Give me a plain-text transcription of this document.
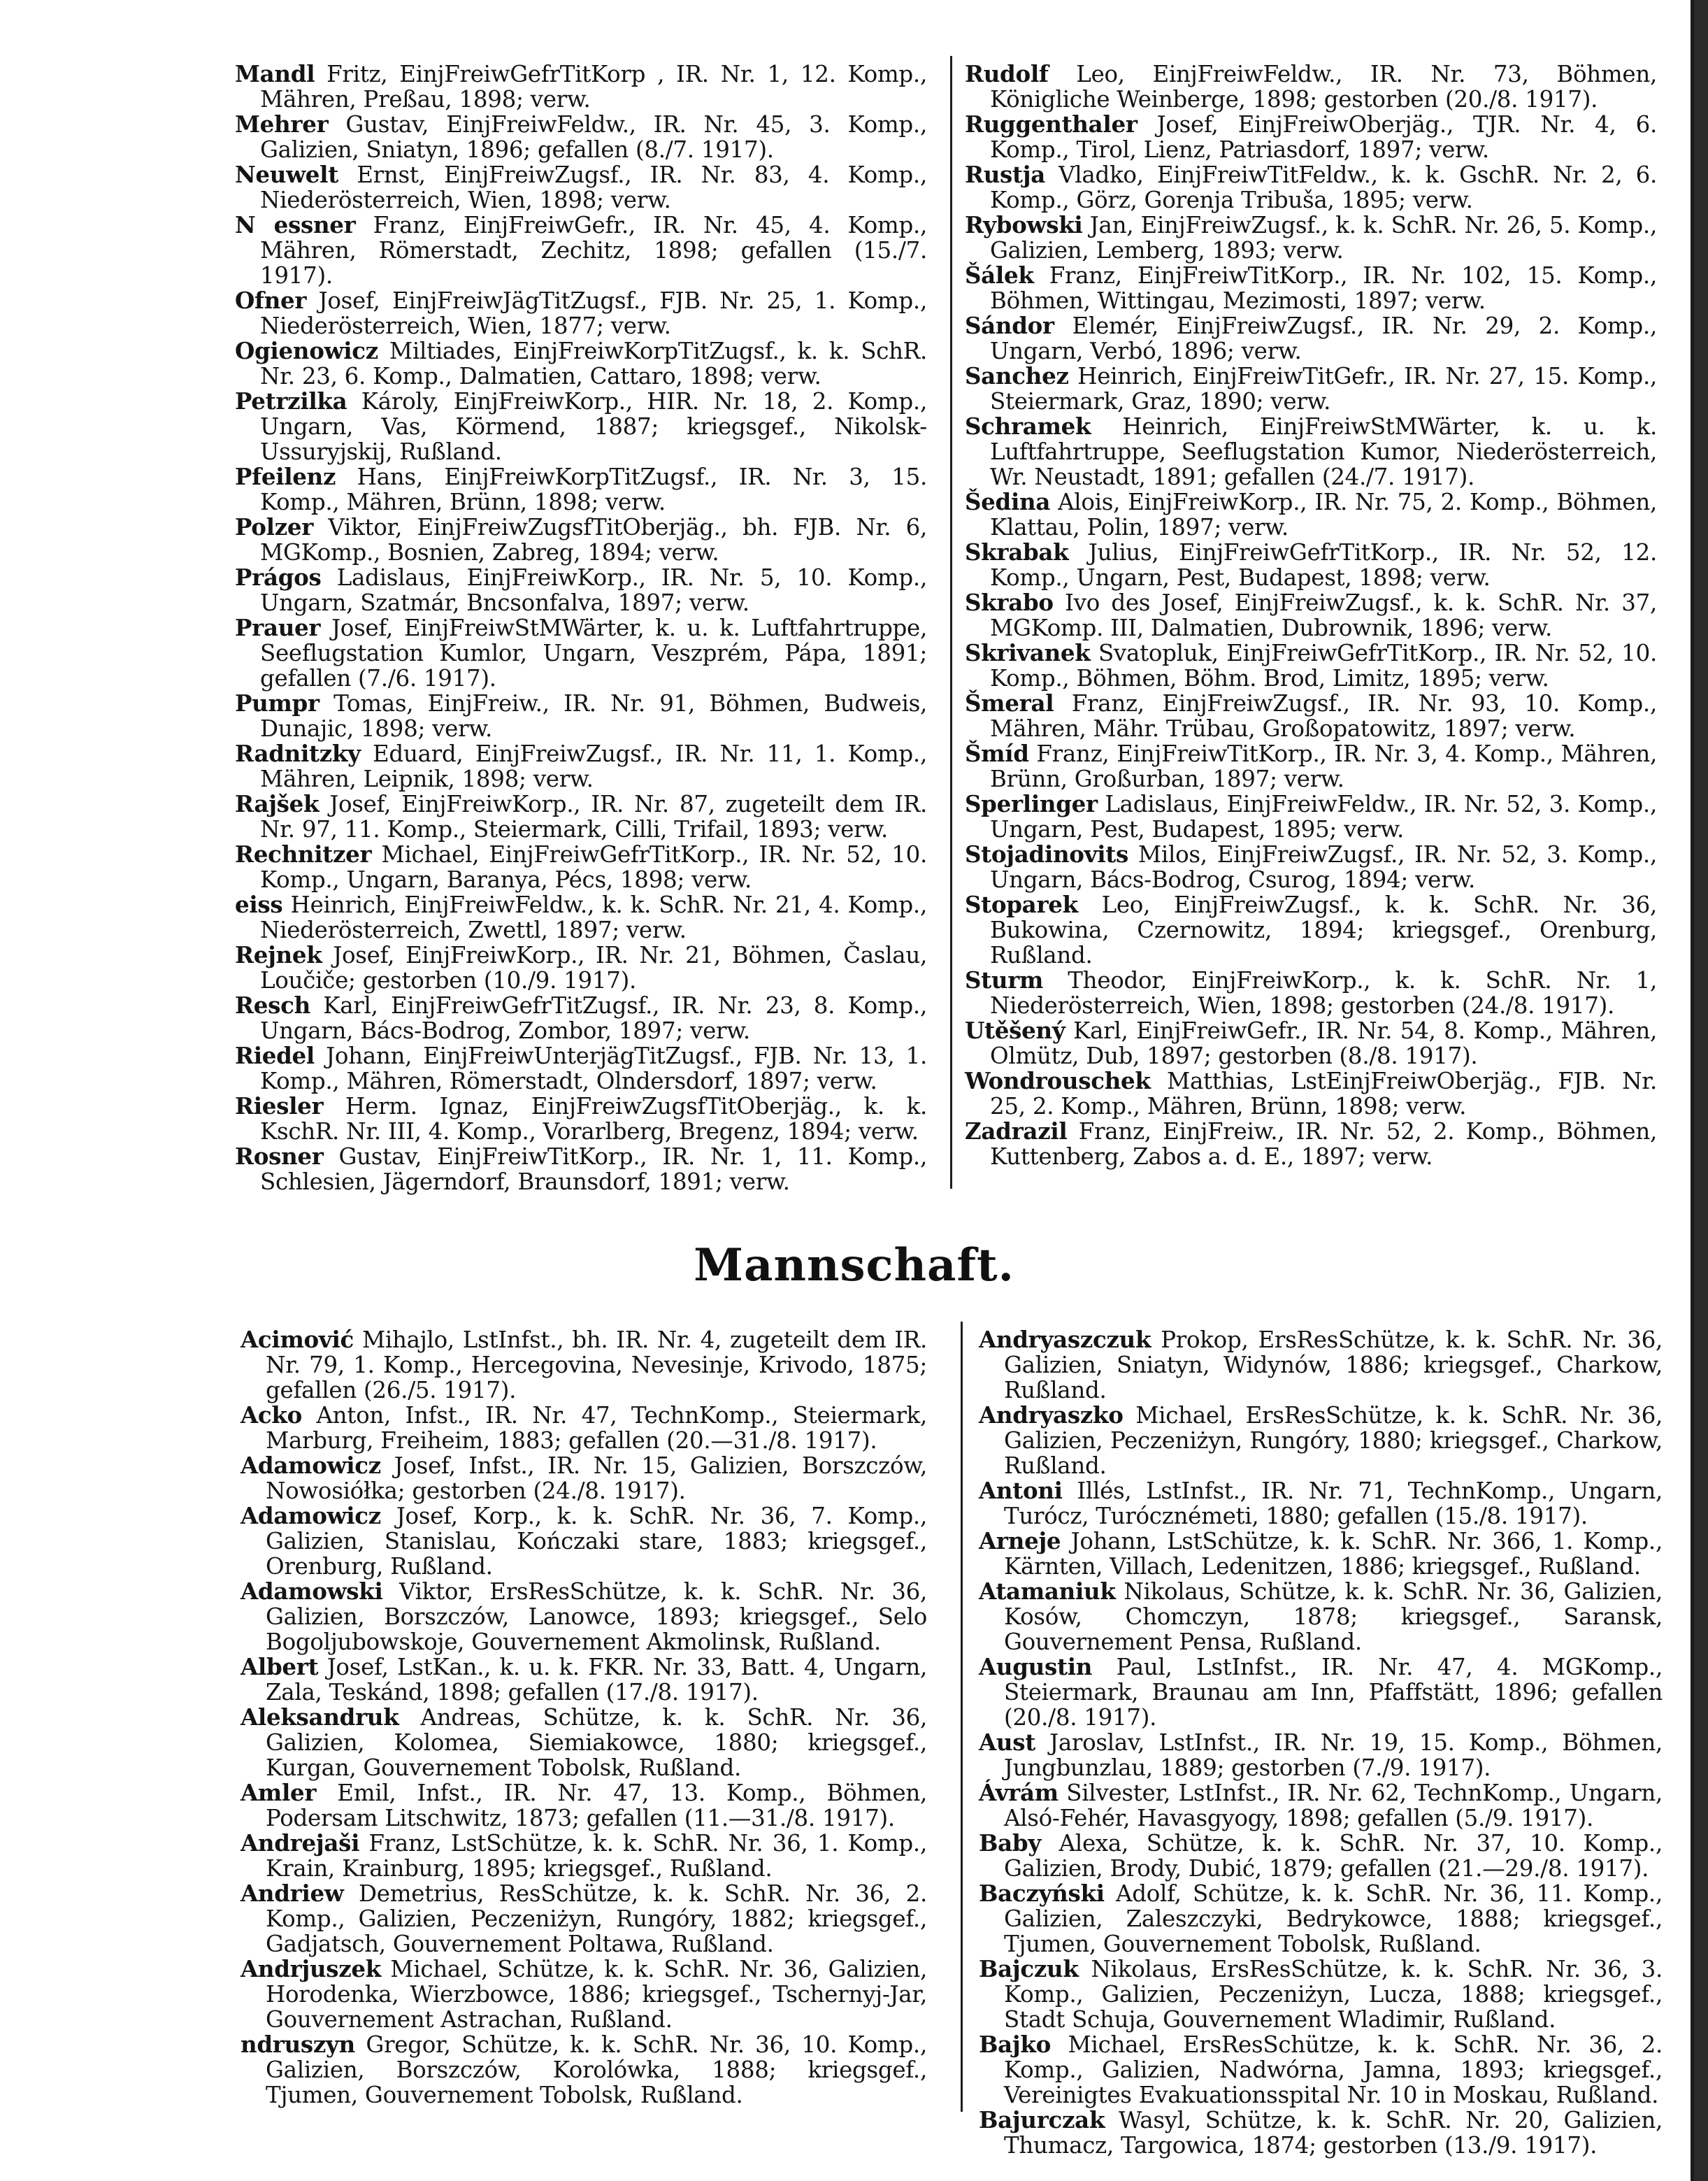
Mandl Fritz, EinjFreiwGefrTitKorp , IR. Nr. 1, 12. Komp., Mähren, Preßau, 1898; verw.

Mehrer Gustav, EinjFreiwFeldw., IR. Nr. 45, 3. Komp., Galizien, Sniatyn, 1896; gefallen (8./7. 1917).

Neuwelt Ernst, EinjFreiwZugsf., IR. Nr. 83, 4. Komp., Niederösterreich, Wien, 1898; verw.

N essner Franz, EinjFreiwGefr., IR. Nr. 45, 4. Komp., Mähren, Römerstadt, Zechitz, 1898; gefallen (15./7. 1917).

Ofner Josef, EinjFreiwJägTitZugsf., FJB. Nr. 25, 1. Komp., Niederösterreich, Wien, 1877; verw.

Ogienowicz Miltiades, EinjFreiwKorpTitZugsf., k. k. SchR. Nr. 23, 6. Komp., Dalmatien, Cattaro, 1898; verw.

Petrzilka Károly, EinjFreiwKorp., HIR. Nr. 18, 2. Komp., Ungarn, Vas, Körmend, 1887; kriegsgef., Nikolsk-Ussuryjskij, Rußland.

Pfeilenz Hans, EinjFreiwKorpTitZugsf., IR. Nr. 3, 15. Komp., Mähren, Brünn, 1898; verw.

Polzer Viktor, EinjFreiwZugsfTitOberjäg., bh. FJB. Nr. 6, MGKomp., Bosnien, Zabreg, 1894; verw.

Prágos Ladislaus, EinjFreiwKorp., IR. Nr. 5, 10. Komp., Ungarn, Szatmár, Bncsonfalva, 1897; verw.

Prauer Josef, EinjFreiwStMWärter, k. u. k. Luftfahrtruppe, Seeflugstation Kumlor, Ungarn, Veszprém, Pápa, 1891; gefallen (7./6. 1917).

Pumpr Tomas, EinjFreiw., IR. Nr. 91, Böhmen, Budweis, Dunajic, 1898; verw.

Radnitzky Eduard, EinjFreiwZugsf., IR. Nr. 11, 1. Komp., Mähren, Leipnik, 1898; verw.

Rajšek Josef, EinjFreiwKorp., IR. Nr. 87, zugeteilt dem IR. Nr. 97, 11. Komp., Steiermark, Cilli, Trifail, 1893; verw.

Rechnitzer Michael, EinjFreiwGefrTitKorp., IR. Nr. 52, 10. Komp., Ungarn, Baranya, Pécs, 1898; verw.

eiss Heinrich, EinjFreiwFeldw., k. k. SchR. Nr. 21, 4. Komp., Niederösterreich, Zwettl, 1897; verw.

Rejnek Josef, EinjFreiwKorp., IR. Nr. 21, Böhmen, Časlau, Loučiče; gestorben (10./9. 1917).

Resch Karl, EinjFreiwGefrTitZugsf., IR. Nr. 23, 8. Komp., Ungarn, Bács-Bodrog, Zombor, 1897; verw.

Riedel Johann, EinjFreiwUnterjägTitZugsf., FJB. Nr. 13, 1. Komp., Mähren, Römerstadt, Olndersdorf, 1897; verw.

Riesler Herm. Ignaz, EinjFreiwZugsfTitOberjäg., k. k. KschR. Nr. III, 4. Komp., Vorarlberg, Bregenz, 1894; verw.

Rosner Gustav, EinjFreiwTitKorp., IR. Nr. 1, 11. Komp., Schlesien, Jägerndorf, Braunsdorf, 1891; verw.

Rudolf Leo, EinjFreiwFeldw., IR. Nr. 73, Böhmen, Königliche Weinberge, 1898; gestorben (20./8. 1917).

Ruggenthaler Josef, EinjFreiwOberjäg., TJR. Nr. 4, 6. Komp., Tirol, Lienz, Patriasdorf, 1897; verw.

Rustja Vladko, EinjFreiwTitFeldw., k. k. GschR. Nr. 2, 6. Komp., Görz, Gorenja Tribuša, 1895; verw.

Rybowski Jan, EinjFreiwZugsf., k. k. SchR. Nr. 26, 5. Komp., Galizien, Lemberg, 1893; verw.

Šálek Franz, EinjFreiwTitKorp., IR. Nr. 102, 15. Komp., Böhmen, Wittingau, Mezimosti, 1897; verw.

Sándor Elemér, EinjFreiwZugsf., IR. Nr. 29, 2. Komp., Ungarn, Verbó, 1896; verw.

Sanchez Heinrich, EinjFreiwTitGefr., IR. Nr. 27, 15. Komp., Steiermark, Graz, 1890; verw.

Schramek Heinrich, EinjFreiwStMWärter, k. u. k. Luftfahrtruppe, Seeflugstation Kumor, Niederösterreich, Wr. Neustadt, 1891; gefallen (24./7. 1917).

Šedina Alois, EinjFreiwKorp., IR. Nr. 75, 2. Komp., Böhmen, Klattau, Polin, 1897; verw.

Skrabak Julius, EinjFreiwGefrTitKorp., IR. Nr. 52, 12. Komp., Ungarn, Pest, Budapest, 1898; verw.

Skrabo Ivo des Josef, EinjFreiwZugsf., k. k. SchR. Nr. 37, MGKomp. III, Dalmatien, Dubrownik, 1896; verw.

Skrivanek Svatopluk, EinjFreiwGefrTitKorp., IR. Nr. 52, 10. Komp., Böhmen, Böhm. Brod, Limitz, 1895; verw.

Šmeral Franz, EinjFreiwZugsf., IR. Nr. 93, 10. Komp., Mähren, Mähr. Trübau, Großopatowitz, 1897; verw.

Šmíd Franz, EinjFreiwTitKorp., IR. Nr. 3, 4. Komp., Mähren, Brünn, Großurban, 1897; verw.

Sperlinger Ladislaus, EinjFreiwFeldw., IR. Nr. 52, 3. Komp., Ungarn, Pest, Budapest, 1895; verw.

Stojadinovits Milos, EinjFreiwZugsf., IR. Nr. 52, 3. Komp., Ungarn, Bács-Bodrog, Csurog, 1894; verw.

Stoparek Leo, EinjFreiwZugsf., k. k. SchR. Nr. 36, Bukowina, Czernowitz, 1894; kriegsgef., Orenburg, Rußland.

Sturm Theodor, EinjFreiwKorp., k. k. SchR. Nr. 1, Niederösterreich, Wien, 1898; gestorben (24./8. 1917).

Utěšený Karl, EinjFreiwGefr., IR. Nr. 54, 8. Komp., Mähren, Olmütz, Dub, 1897; gestorben (8./8. 1917).

Wondrouschek Matthias, LstEinjFreiwOberjäg., FJB. Nr. 25, 2. Komp., Mähren, Brünn, 1898; verw.

Zadrazil Franz, EinjFreiw., IR. Nr. 52, 2. Komp., Böhmen, Kuttenberg, Zabos a. d. E., 1897; verw.

Mannschaft.

Acimović Mihajlo, LstInfst., bh. IR. Nr. 4, zugeteilt dem IR. Nr. 79, 1. Komp., Hercegovina, Nevesinje, Krivodo, 1875; gefallen (26./5. 1917).

Acko Anton, Infst., IR. Nr. 47, TechnKomp., Steiermark, Marburg, Freiheim, 1883; gefallen (20.—31./8. 1917).

Adamowicz Josef, Infst., IR. Nr. 15, Galizien, Borszczów, Nowosiółka; gestorben (24./8. 1917).

Adamowicz Josef, Korp., k. k. SchR. Nr. 36, 7. Komp., Galizien, Stanislau, Kończaki stare, 1883; kriegsgef., Orenburg, Rußland.

Adamowski Viktor, ErsResSchütze, k. k. SchR. Nr. 36, Galizien, Borszczów, Lanowce, 1893; kriegsgef., Selo Bogoljubowskoje, Gouvernement Akmolinsk, Rußland.

Albert Josef, LstKan., k. u. k. FKR. Nr. 33, Batt. 4, Ungarn, Zala, Teskánd, 1898; gefallen (17./8. 1917).

Aleksandruk Andreas, Schütze, k. k. SchR. Nr. 36, Galizien, Kolomea, Siemiakowce, 1880; kriegsgef., Kurgan, Gouvernement Tobolsk, Rußland.

Amler Emil, Infst., IR. Nr. 47, 13. Komp., Böhmen, Podersam Litschwitz, 1873; gefallen (11.—31./8. 1917).

Andrejaši Franz, LstSchütze, k. k. SchR. Nr. 36, 1. Komp., Krain, Krainburg, 1895; kriegsgef., Rußland.

Andriew Demetrius, ResSchütze, k. k. SchR. Nr. 36, 2. Komp., Galizien, Peczeniżyn, Rungóry, 1882; kriegsgef., Gadjatsch, Gouvernement Poltawa, Rußland.

Andrjuszek Michael, Schütze, k. k. SchR. Nr. 36, Galizien, Horodenka, Wierzbowce, 1886; kriegsgef., Tschernyj-Jar, Gouvernement Astrachan, Rußland.

ndruszyn Gregor, Schütze, k. k. SchR. Nr. 36, 10. Komp., Galizien, Borszczów, Korolówka, 1888; kriegsgef., Tjumen, Gouvernement Tobolsk, Rußland.

Andryaszczuk Prokop, ErsResSchütze, k. k. SchR. Nr. 36, Galizien, Sniatyn, Widynów, 1886; kriegsgef., Charkow, Rußland.

Andryaszko Michael, ErsResSchütze, k. k. SchR. Nr. 36, Galizien, Peczeniżyn, Rungóry, 1880; kriegsgef., Charkow, Rußland.

Antoni Illés, LstInfst., IR. Nr. 71, TechnKomp., Ungarn, Turócz, Turócznémeti, 1880; gefallen (15./8. 1917).

Arneje Johann, LstSchütze, k. k. SchR. Nr. 366, 1. Komp., Kärnten, Villach, Ledenitzen, 1886; kriegsgef., Rußland.

Atamaniuk Nikolaus, Schütze, k. k. SchR. Nr. 36, Galizien, Kosów, Chomczyn, 1878; kriegsgef., Saransk, Gouvernement Pensa, Rußland.

Augustin Paul, LstInfst., IR. Nr. 47, 4. MGKomp., Steiermark, Braunau am Inn, Pfaffstätt, 1896; gefallen (20./8. 1917).

Aust Jaroslav, LstInfst., IR. Nr. 19, 15. Komp., Böhmen, Jungbunzlau, 1889; gestorben (7./9. 1917).

Ávrám Silvester, LstInfst., IR. Nr. 62, TechnKomp., Ungarn, Alsó-Fehér, Havasgyogy, 1898; gefallen (5./9. 1917).

Baby Alexa, Schütze, k. k. SchR. Nr. 37, 10. Komp., Galizien, Brody, Dubić, 1879; gefallen (21.—29./8. 1917).

Baczyński Adolf, Schütze, k. k. SchR. Nr. 36, 11. Komp., Galizien, Zaleszczyki, Bedrykowce, 1888; kriegsgef., Tjumen, Gouvernement Tobolsk, Rußland.

Bajczuk Nikolaus, ErsResSchütze, k. k. SchR. Nr. 36, 3. Komp., Galizien, Peczeniżyn, Lucza, 1888; kriegsgef., Stadt Schuja, Gouvernement Wladimir, Rußland.

Bajko Michael, ErsResSchütze, k. k. SchR. Nr. 36, 2. Komp., Galizien, Nadwórna, Jamna, 1893; kriegsgef., Vereinigtes Evakuationsspital Nr. 10 in Moskau, Rußland.

Bajurczak Wasyl, Schütze, k. k. SchR. Nr. 20, Galizien, Thumacz, Targowica, 1874; gestorben (13./9. 1917).
